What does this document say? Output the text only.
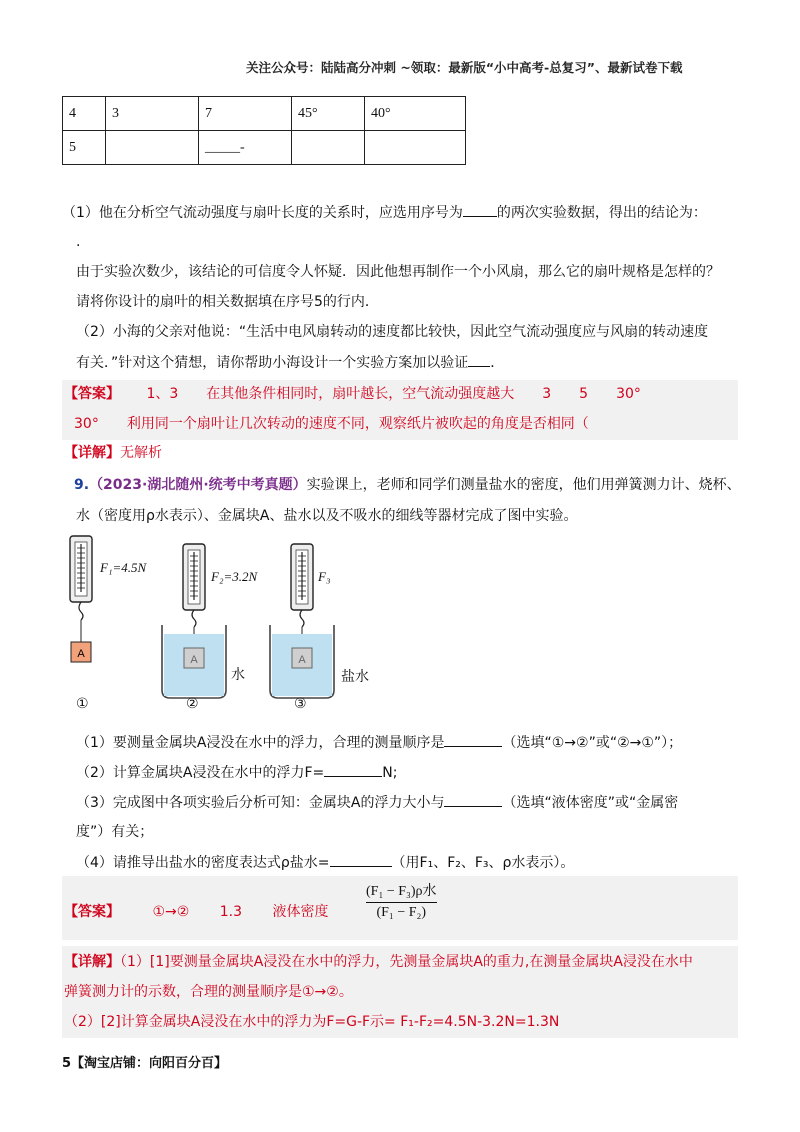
关注公众号：陆陆高分冲刺 ~领取：最新版“小中高考-总复习”、最新试卷下载
4	3	7	45°	40°
5		_____-		
（1）他在分析空气流动强度与扇叶长度的关系时，应选用序号为 的两次实验数据，得出的结论为：
.
由于实验次数少，该结论的可信度令人怀疑．因此他想再制作一个小风扇，那么它的扇叶规格是怎样的？
请将你设计的扇叶的相关数据填在序号5的行内．
（2）小海的父亲对他说：“生活中电风扇转动的速度都比较快，因此空气流动强度应与风扇的转动速度
有关．”针对这个猜想，请你帮助小海设计一个实验方案加以验证 ．
【答案】 1、3　　在其他条件相同时，扇叶越长，空气流动强度越大　　3　　5　　30°
30°　　利用同一个扇叶让几次转动的速度不同，观察纸片被吹起的角度是否相同（
【详解】无解析
9.（2023·湖北随州·统考中考真题）实验课上，老师和同学们测量盐水的密度，他们用弹簧测力计、烧杯、
水（密度用ρ水表示）、金属块A、盐水以及不吸水的细线等器材完成了图中实验。
A	A	A
F₁=4.5N
F₂=3.2N	F₃
水	盐水
①	②	③
（1）要测量金属块A浸没在水中的浮力，合理的测量顺序是	（选填“①→②”或“②→①”）；
（2）计算金属块A浸没在水中的浮力F=	N;
（3）完成图中各项实验后分析可知：金属块A的浮力大小与	（选填“液体密度”或“金属密
度”）有关；
（4）请推导出盐水的密度表达式ρ盐水=	（用F₁、F₂、F₃、ρ水表示）。
【答案】 ①→② 1.3 液体密度
(F₁ − F₃)ρ水
(F₁ − F₂)
【详解】（1）[1]要测量金属块A浸没在水中的浮力，先测量金属块A的重力,在测量金属块A浸没在水中
弹簧测力计的示数，合理的测量顺序是①→②。
（2）[2]计算金属块A浸没在水中的浮力为F=G-F示= F₁-F₂=4.5N-3.2N=1.3N
5【淘宝店铺：向阳百分百】
